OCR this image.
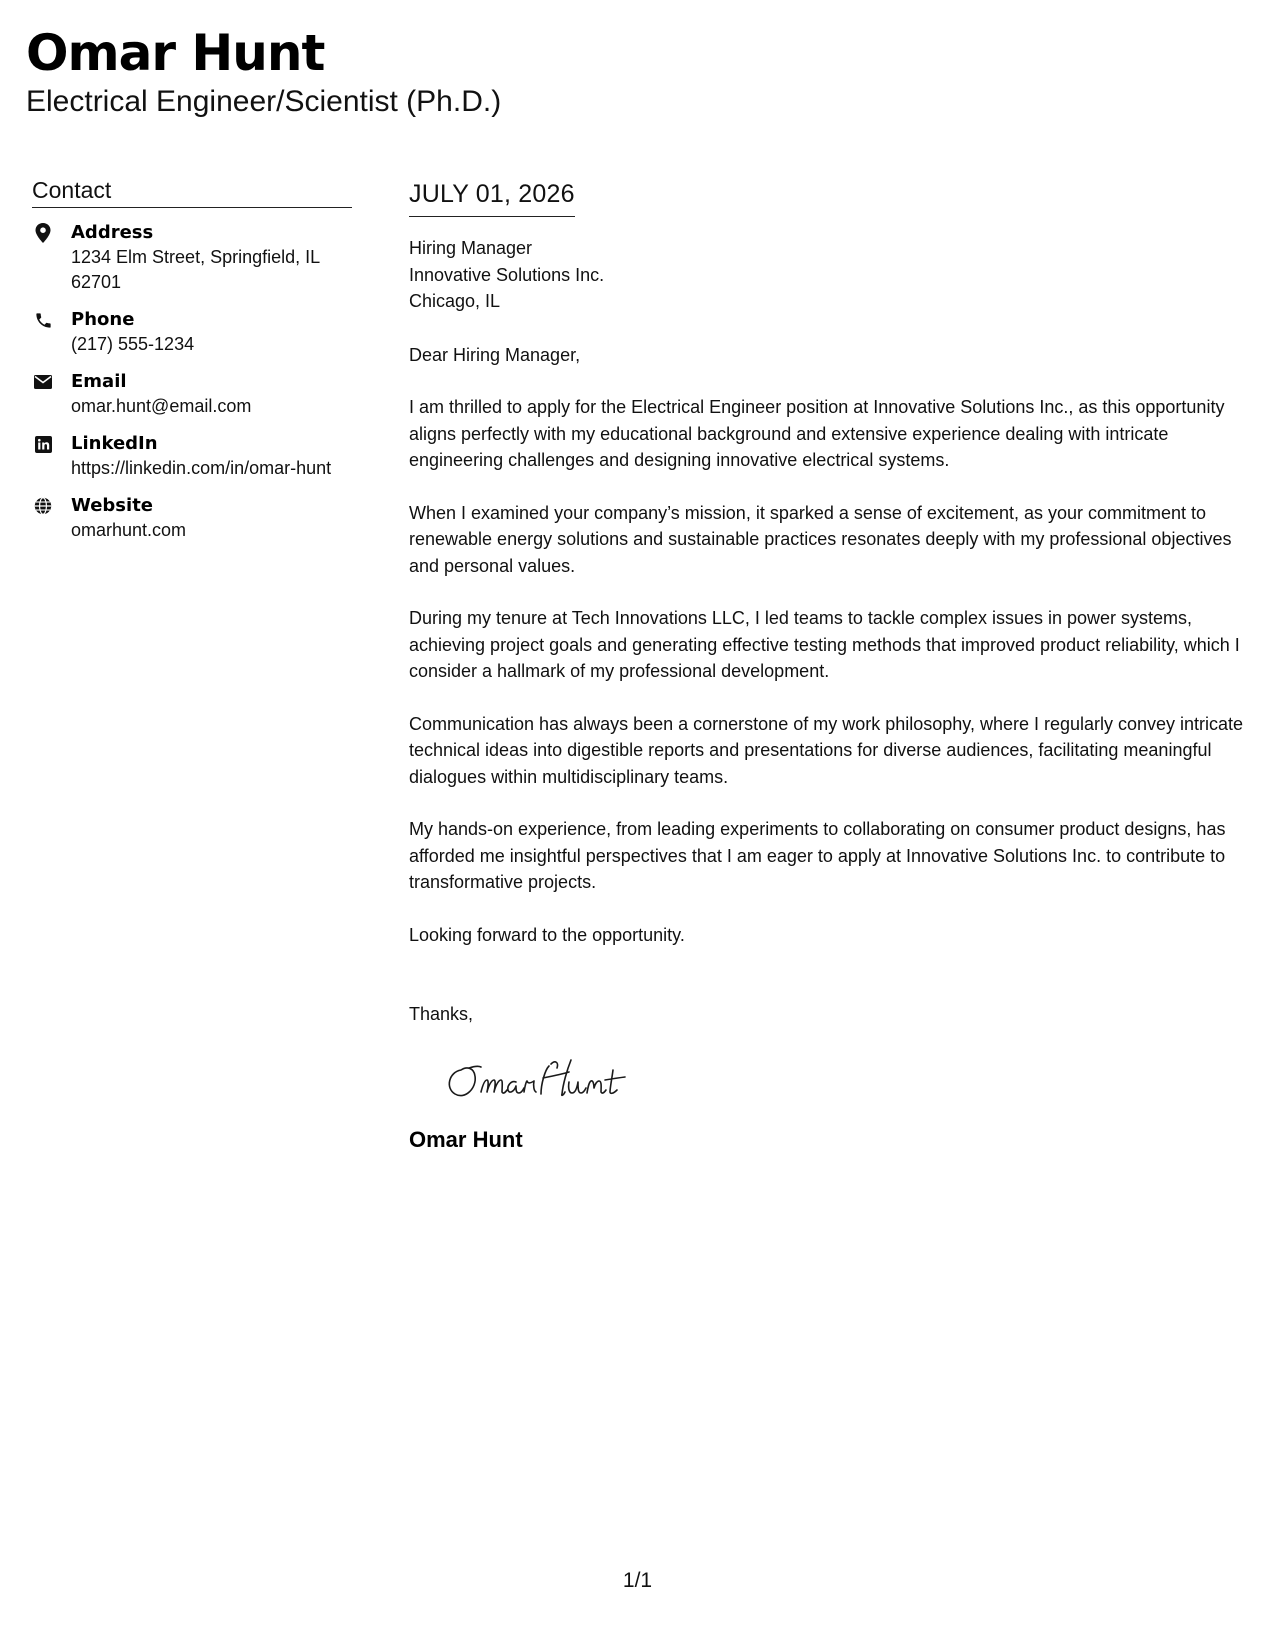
Omar Hunt
Electrical Engineer/Scientist (Ph.D.)
Contact
Address
1234 Elm Street, Springfield, IL 62701
Phone
(217) 555-1234
Email
omar.hunt@email.com
LinkedIn
https://linkedin.com/in/omar-hunt
Website
omarhunt.com
JULY 01, 2026
Hiring Manager
Innovative Solutions Inc.
Chicago, IL
Dear Hiring Manager,
I am thrilled to apply for the Electrical Engineer position at Innovative Solutions Inc., as this opportunity aligns perfectly with my educational background and extensive experience dealing with intricate engineering challenges and designing innovative electrical systems.
When I examined your company’s mission, it sparked a sense of excitement, as your commitment to renewable energy solutions and sustainable practices resonates deeply with my professional objectives and personal values.
During my tenure at Tech Innovations LLC, I led teams to tackle complex issues in power systems, achieving project goals and generating effective testing methods that improved product reliability, which I consider a hallmark of my professional development.
Communication has always been a cornerstone of my work philosophy, where I regularly convey intricate technical ideas into digestible reports and presentations for diverse audiences, facilitating meaningful dialogues within multidisciplinary teams.
My hands-on experience, from leading experiments to collaborating on consumer product designs, has afforded me insightful perspectives that I am eager to apply at Innovative Solutions Inc. to contribute to transformative projects.
Looking forward to the opportunity.
Thanks,
Omar Hunt
1/1
